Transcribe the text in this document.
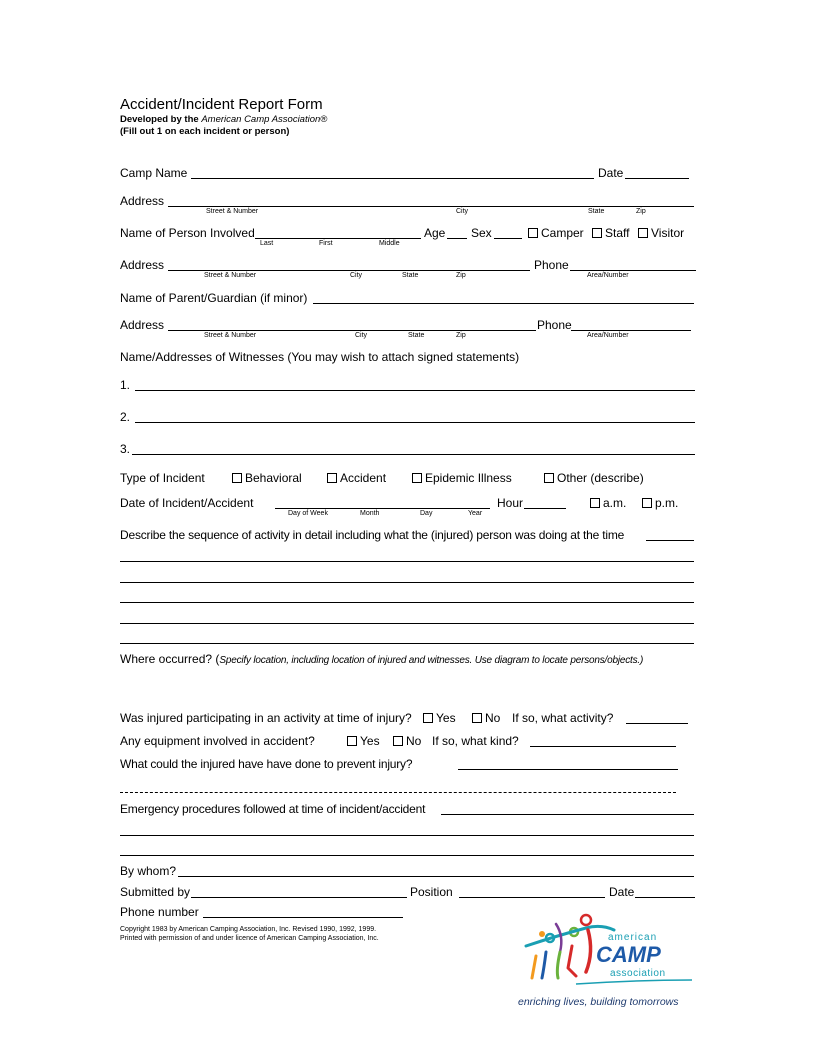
Accident/Incident Report Form
Developed by the American Camp Association®
(Fill out 1 on each incident or person)
Camp Name	Date
Address
Street & Number	City	State	Zip
Name of Person Involved
Last	First	Middle
Age Sex	Camper	Staff	Visitor
Address	Phone
Street & Number	City	State	Zip	Area/Number
Name of Parent/Guardian (if minor)
Address	Phone
Street & Number	City	State	Zip	Area/Number
Name/Addresses of Witnesses (You may wish to attach signed statements)
1.
2.
3.
Type of Incident	Behavioral	Accident	Epidemic Illness	Other (describe)
Date of Incident/Accident
Day of Week	Month	Day	Year
Hour	a.m.	p.m.
Describe the sequence of activity in detail including what the (injured) person was doing at the time
Where occurred? (Specify location, including location of injured and witnesses. Use diagram to locate persons/objects.)
Was injured participating in an activity at time of injury?	Yes	No If so, what activity?
Any equipment involved in accident?	Yes	No If so, what kind?
What could the injured have have done to prevent injury?
Emergency procedures followed at time of incident/accident
By whom?
Submitted by	Position	Date
Phone number
Copyright 1983 by American Camping Association, Inc. Revised 1990, 1992, 1999.
Printed with permission of and under licence of American Camping Association, Inc.	american
CAMP
association
enriching lives, building tomorrows
